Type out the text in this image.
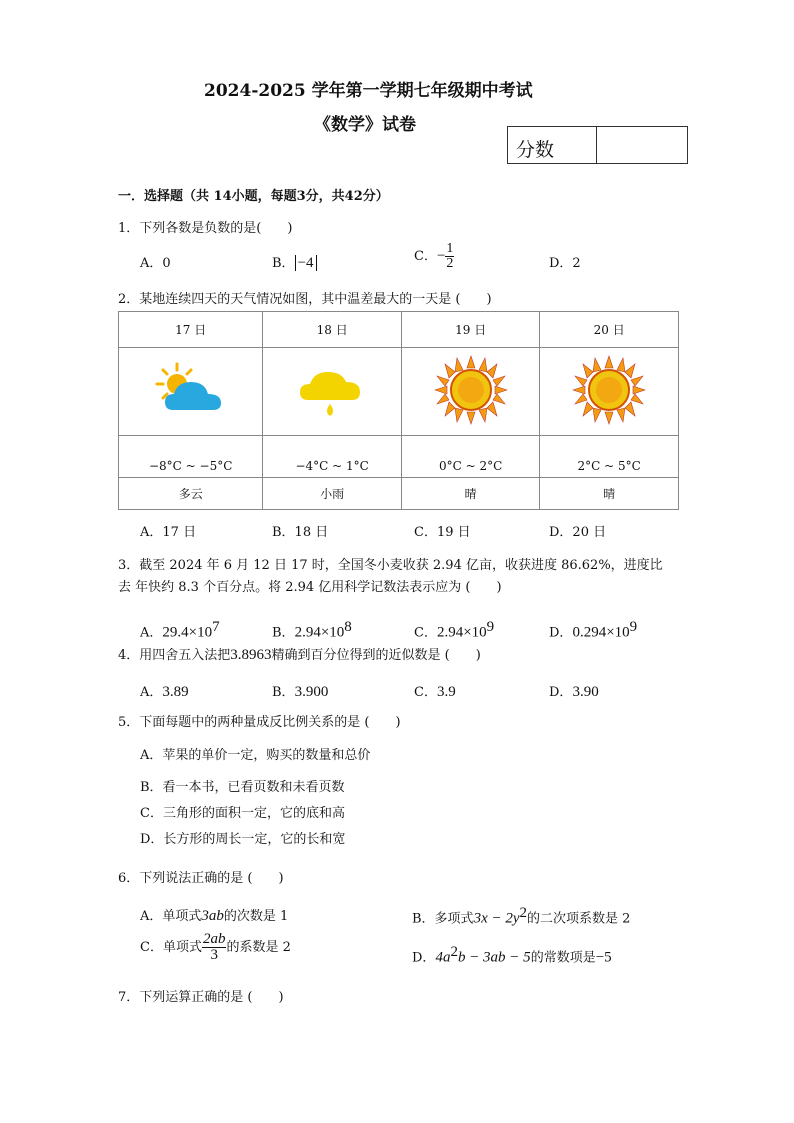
2024-2025 学年第一学期七年级期中考试
《数学》试卷
分数
一．选择题（共 14小题，每题3分，共42分）
1．下列各数是负数的是(　　)
A．0	B． −4	C．− $\frac{1}{2}$	D．2
2．某地连续四天的天气情况如图，其中温差最大的一天是 (　　)
17 日	18 日	19 日	20 日

−8°C ~ −5°C	−4°C ~ 1°C	0°C ~ 2°C	2°C ~ 5°C
多云	小雨	晴	晴
A．17 日	B．18 日	C．19 日	D．20 日
3．截至 2024 年 6 月 12 日 17 时，全国冬小麦收获 2.94 亿亩，收获进度 86.62%，进度比
去 年快约 8.3 个百分点。将 2.94 亿用科学记数法表示应为 (　　)
A．$29.4\times 10^7$	B．$2.94\times 10^8$	C．$2.94\times 10^9$	D．$0.294\times 10^9$
4．用四舍五入法把3.8963精确到百分位得到的近似数是 (　　)
A．3.89	B．3.900	C．3.9	D．3.90
5．下面每题中的两种量成反比例关系的是 (　　)
A．苹果的单价一定，购买的数量和总价
B．看一本书，已看页数和未看页数
C．三角形的面积一定，它的底和高
D．长方形的周长一定，它的长和宽
6．下列说法正确的是 (　　)
A．单项式3ab的次数是 1	B．多项式$3x - 2y^2$的二次项系数是 2
C．单项式 $\frac{2ab}{3}$ 的系数是 2
D．$4a^2b - 3ab - 5$的常数项是−5
7．下列运算正确的是 (　　)
